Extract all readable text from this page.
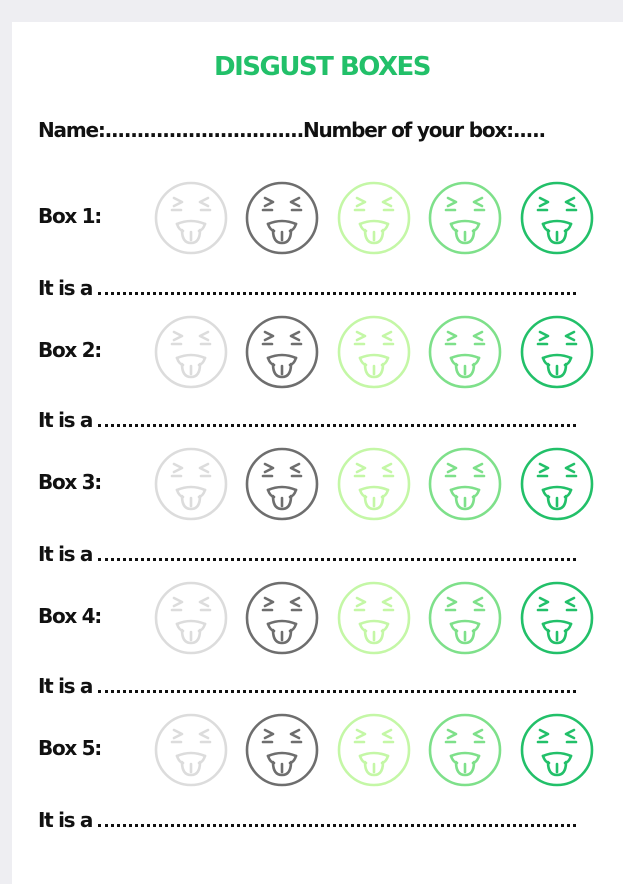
DISGUST BOXES
Name:...............................Number of your box:.....
Box 1:
It is a
Box 2:
It is a
Box 3:
It is a
Box 4:
It is a
Box 5:
It is a
